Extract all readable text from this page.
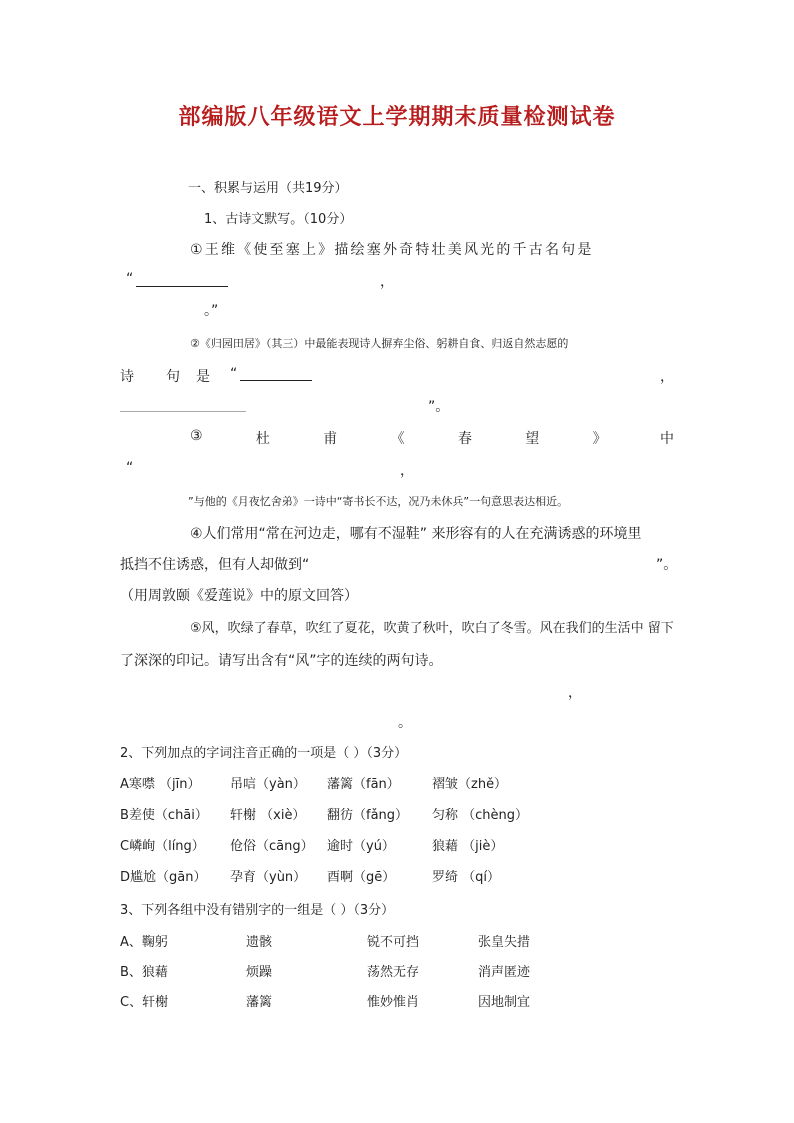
部编版八年级语文上学期期末质量检测试卷
一、积累与运用（共19分）
1、古诗文默写。（10分）
①王维《使至塞上》描绘塞外奇特壮美风光的千古名句是
“	，
。”
②《归园田居》（其三）中最能表现诗人摒弃尘俗、躬耕自食、归返自然志愿的
诗 句 是 “	，
”。
③	杜	甫	《	春	望	》	中
“	，
”与他的《月夜忆舍弟》一诗中“寄书长不达，况乃未休兵”一句意思表达相近。
④人们常用“常在河边走，哪有不湿鞋” 来形容有的人在充满诱惑的环境里
抵挡不住诱惑，但有人却做到“	”。
（用周敦颐《爱莲说》中的原文回答）
⑤风，吹绿了春草，吹红了夏花，吹黄了秋叶，吹白了冬雪。风在我们的生活中 留下
了深深的印记。请写出含有“风”字的连续的两句诗。
，
。
2、下列加点的字词注音正确的一项是（ ）（3分）
A寒噤 （jīn） 吊唁（yàn） 藩篱（fān） 褶皱（zhě）
B差使（chāi） 轩榭 （xiè） 翻彷（fǎng） 匀称 （chèng）
C嶙峋（líng） 伧俗（cāng） 逾时（yú）	狼藉 （jiè）
D尴尬（gān） 孕育（yùn） 酉啊（gē）	罗绮 （qí）
3、下列各组中没有错别字的一组是（ ）（3分）
A、鞠躬	遗骸	锐不可挡	张皇失措
B、狼藉	烦躁	荡然无存	消声匿迹
C、轩榭	藩篱	惟妙惟肖	因地制宜
